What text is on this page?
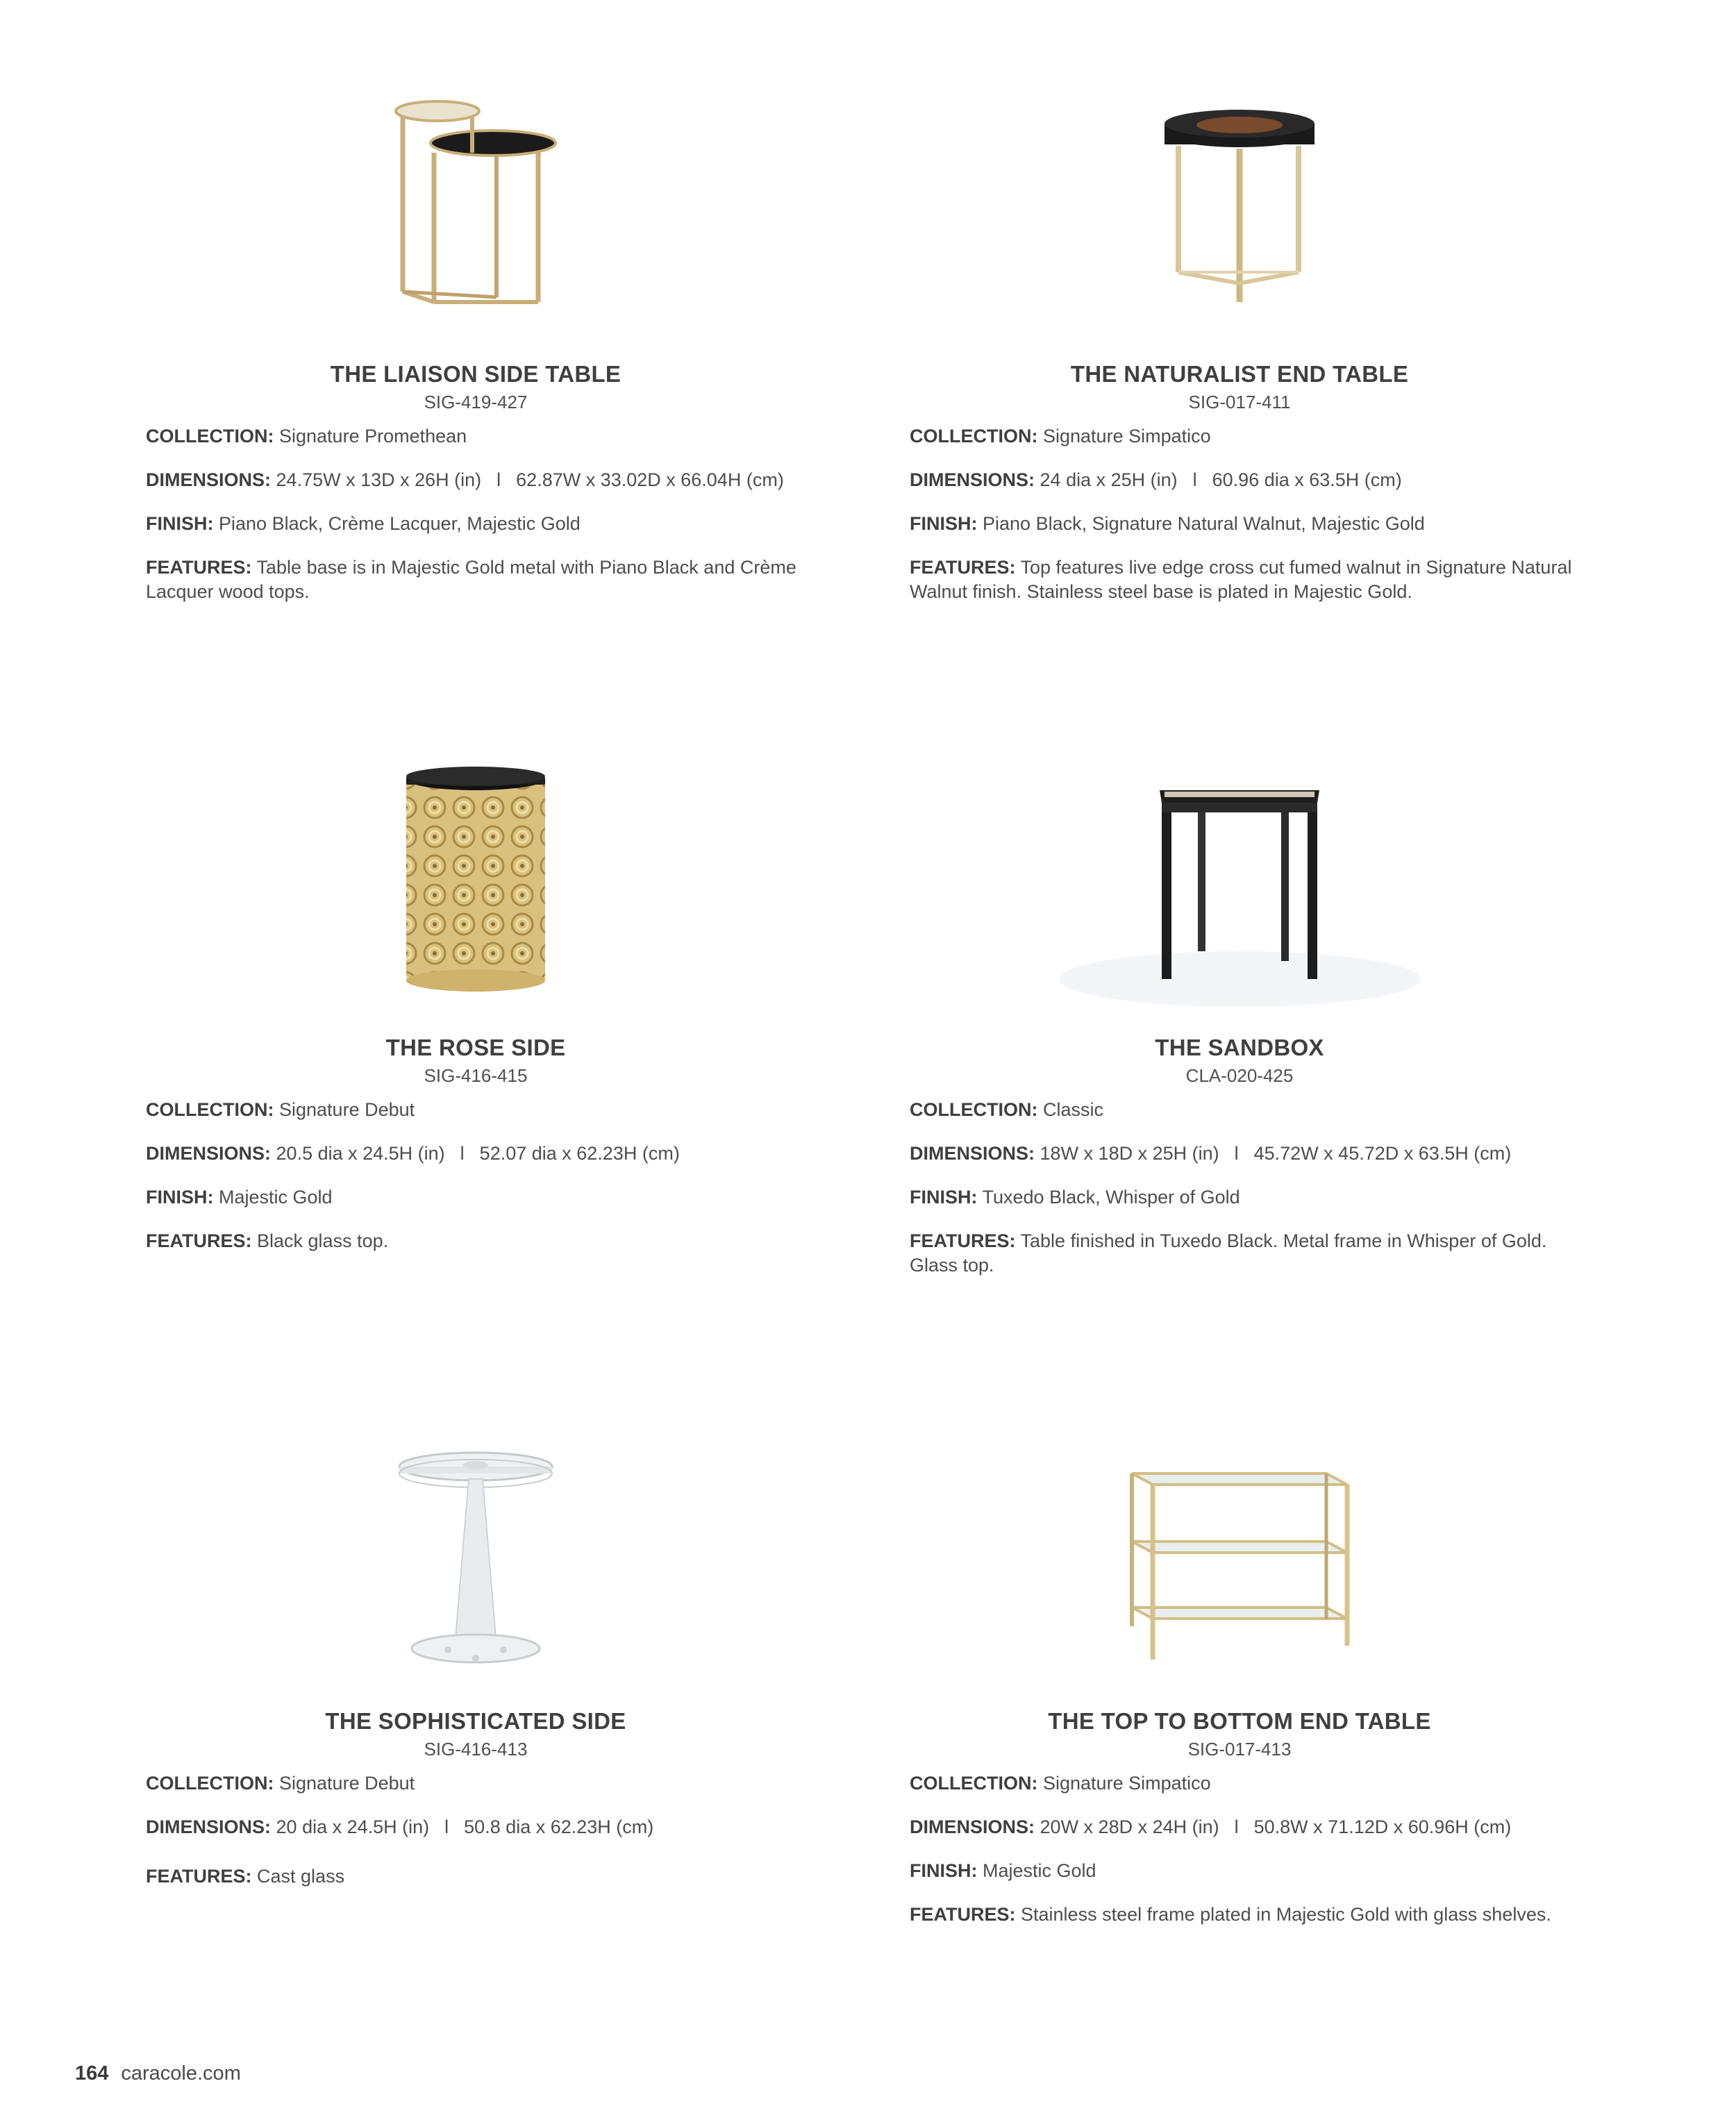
THE LIAISON SIDE TABLE
SIG-419-427
COLLECTION: Signature Promethean
DIMENSIONS: 24.75W x 13D x 26H (in) l 62.87W x 33.02D x 66.04H (cm)
FINISH: Piano Black, Crème Lacquer, Majestic Gold
FEATURES: Table base is in Majestic Gold metal with Piano Black and Crème Lacquer wood tops.
THE NATURALIST END TABLE
SIG-017-411
COLLECTION: Signature Simpatico
DIMENSIONS: 24 dia x 25H (in) l 60.96 dia x 63.5H (cm)
FINISH: Piano Black, Signature Natural Walnut, Majestic Gold
FEATURES: Top features live edge cross cut fumed walnut in Signature Natural Walnut finish. Stainless steel base is plated in Majestic Gold.
THE ROSE SIDE
SIG-416-415
COLLECTION: Signature Debut
DIMENSIONS: 20.5 dia x 24.5H (in) l 52.07 dia x 62.23H (cm)
FINISH: Majestic Gold
FEATURES: Black glass top.
THE SANDBOX
CLA-020-425
COLLECTION: Classic
DIMENSIONS: 18W x 18D x 25H (in) l 45.72W x 45.72D x 63.5H (cm)
FINISH: Tuxedo Black, Whisper of Gold
FEATURES: Table finished in Tuxedo Black. Metal frame in Whisper of Gold. Glass top.
THE SOPHISTICATED SIDE
SIG-416-413
COLLECTION: Signature Debut
DIMENSIONS: 20 dia x 24.5H (in) l 50.8 dia x 62.23H (cm)
FEATURES: Cast glass
THE TOP TO BOTTOM END TABLE
SIG-017-413
COLLECTION: Signature Simpatico
DIMENSIONS: 20W x 28D x 24H (in) l 50.8W x 71.12D x 60.96H (cm)
FINISH: Majestic Gold
FEATURES: Stainless steel frame plated in Majestic Gold with glass shelves.
164 caracole.com
